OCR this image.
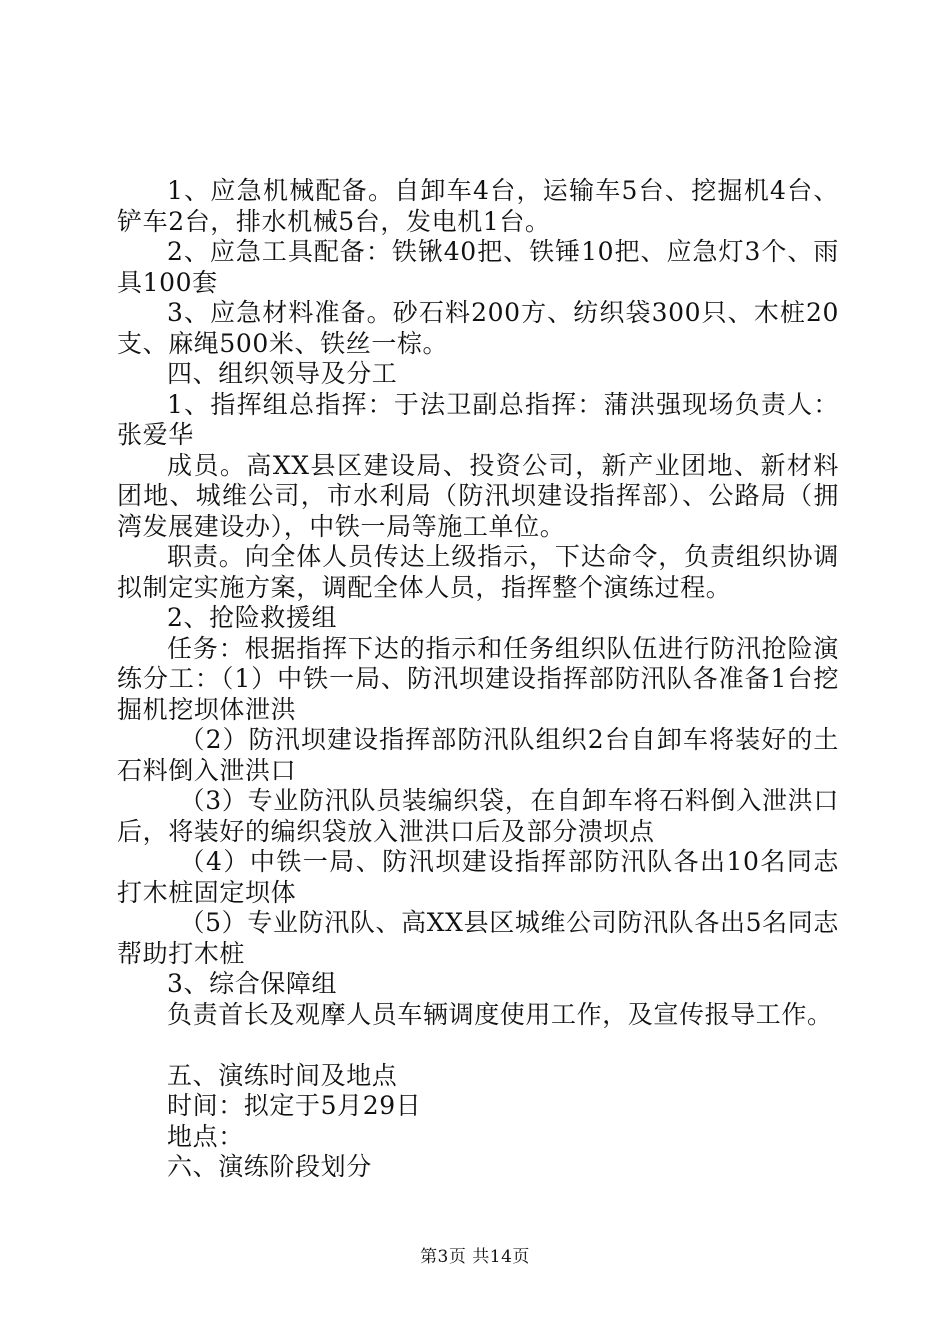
1、应急机械配备。自卸车4台，运输车5台、挖掘机4台、铲车2台，排水机械5台，发电机1台。

2、应急工具配备：铁锹40把、铁锤10把、应急灯3个、雨具100套

3、应急材料准备。砂石料200方、纺织袋300只、木桩20支、麻绳500米、铁丝一棕。

四、组织领导及分工

1、指挥组总指挥：于法卫副总指挥：蒲洪强现场负责人：张爱华

成员。高XX县区建设局、投资公司，新产业团地、新材料团地、城维公司，市水利局（防汛坝建设指挥部）、公路局（拥湾发展建设办），中铁一局等施工单位。

职责。向全体人员传达上级指示，下达命令，负责组织协调拟制定实施方案，调配全体人员，指挥整个演练过程。

2、抢险救援组

任务：根据指挥下达的指示和任务组织队伍进行防汛抢险演练分工：（1）中铁一局、防汛坝建设指挥部防汛队各准备1台挖掘机挖坝体泄洪

（2）防汛坝建设指挥部防汛队组织2台自卸车将装好的土石料倒入泄洪口

（3）专业防汛队员装编织袋，在自卸车将石料倒入泄洪口后，将装好的编织袋放入泄洪口后及部分溃坝点

（4）中铁一局、防汛坝建设指挥部防汛队各出10名同志打木桩固定坝体

（5）专业防汛队、高XX县区城维公司防汛队各出5名同志帮助打木桩

3、综合保障组

负责首长及观摩人员车辆调度使用工作，及宣传报导工作。

五、演练时间及地点

时间：拟定于5月29日

地点：

六、演练阶段划分

第3页 共14页
